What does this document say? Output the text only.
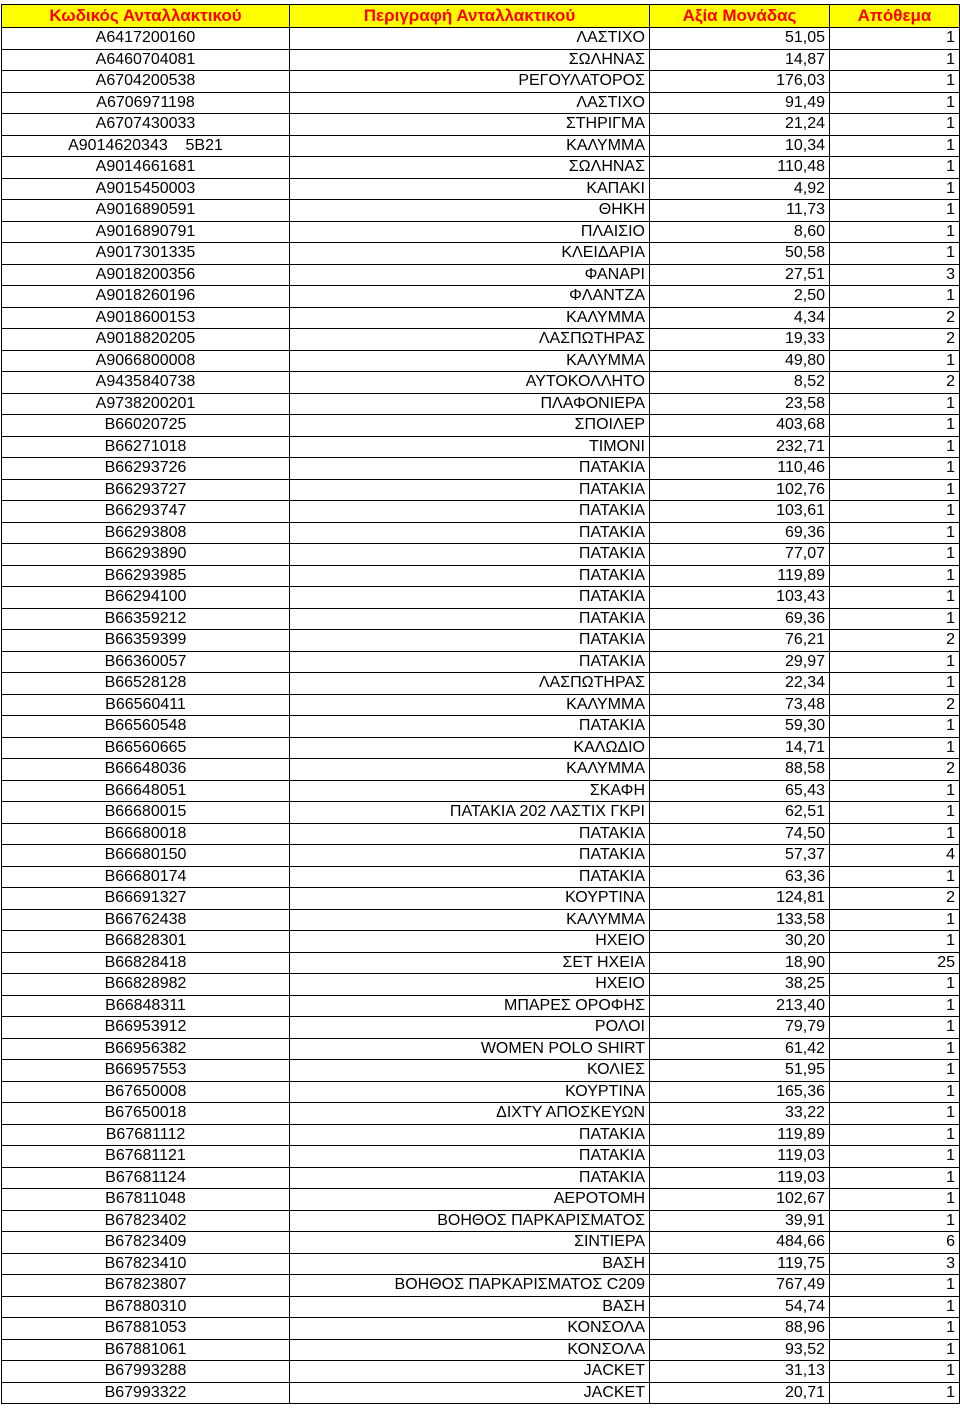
Κωδικός Ανταλλακτικού	Περιγραφή Ανταλλακτικού	Αξία Μονάδας	Απόθεμα
A6417200160	ΛΑΣΤΙΧΟ	51,05	1
A6460704081	ΣΩΛΗΝΑΣ	14,87	1
A6704200538	ΡΕΓΟΥΛΑΤΟΡΟΣ	176,03	1
A6706971198	ΛΑΣΤΙΧΟ	91,49	1
A6707430033	ΣΤΗΡΙΓΜΑ	21,24	1
A9014620343    5B21	ΚΑΛΥΜΜΑ	10,34	1
A9014661681	ΣΩΛΗΝΑΣ	110,48	1
A9015450003	ΚΑΠΑΚΙ	4,92	1
A9016890591	ΘΗΚΗ	11,73	1
A9016890791	ΠΛΑΙΣΙΟ	8,60	1
A9017301335	ΚΛΕΙΔΑΡΙΑ	50,58	1
A9018200356	ΦΑΝΑΡΙ	27,51	3
A9018260196	ΦΛΑΝΤΖΑ	2,50	1
A9018600153	ΚΑΛΥΜΜΑ	4,34	2
A9018820205	ΛΑΣΠΩΤΗΡΑΣ	19,33	2
A9066800008	ΚΑΛΥΜΜΑ	49,80	1
A9435840738	ΑΥΤΟΚΟΛΛΗΤΟ	8,52	2
A9738200201	ΠΛΑΦΟΝΙΕΡΑ	23,58	1
B66020725	ΣΠΟΙΛΕΡ	403,68	1
B66271018	ΤΙΜΟΝΙ	232,71	1
B66293726	ΠΑΤΑΚΙΑ	110,46	1
B66293727	ΠΑΤΑΚΙΑ	102,76	1
B66293747	ΠΑΤΑΚΙΑ	103,61	1
B66293808	ΠΑΤΑΚΙΑ	69,36	1
B66293890	ΠΑΤΑΚΙΑ	77,07	1
B66293985	ΠΑΤΑΚΙΑ	119,89	1
B66294100	ΠΑΤΑΚΙΑ	103,43	1
B66359212	ΠΑΤΑΚΙΑ	69,36	1
B66359399	ΠΑΤΑΚΙΑ	76,21	2
B66360057	ΠΑΤΑΚΙΑ	29,97	1
B66528128	ΛΑΣΠΩΤΗΡΑΣ	22,34	1
B66560411	ΚΑΛΥΜΜΑ	73,48	2
B66560548	ΠΑΤΑΚΙΑ	59,30	1
B66560665	ΚΑΛΩΔΙΟ	14,71	1
B66648036	ΚΑΛΥΜΜΑ	88,58	2
B66648051	ΣΚΑΦΗ	65,43	1
B66680015	ΠΑΤΑΚΙΑ 202 ΛΑΣΤΙΧ ΓΚΡΙ	62,51	1
B66680018	ΠΑΤΑΚΙΑ	74,50	1
B66680150	ΠΑΤΑΚΙΑ	57,37	4
B66680174	ΠΑΤΑΚΙΑ	63,36	1
B66691327	ΚΟΥΡΤΙΝΑ	124,81	2
B66762438	ΚΑΛΥΜΜΑ	133,58	1
B66828301	ΗΧΕΙΟ	30,20	1
B66828418	ΣΕΤ ΗΧΕΙΑ	18,90	25
B66828982	ΗΧΕΙΟ	38,25	1
B66848311	ΜΠΑΡΕΣ ΟΡΟΦΗΣ	213,40	1
B66953912	ΡΟΛΟΙ	79,79	1
B66956382	WOMEN POLO SHIRT	61,42	1
B66957553	ΚΟΛΙΕΣ	51,95	1
B67650008	ΚΟΥΡΤΙΝΑ	165,36	1
B67650018	ΔΙΧΤΥ ΑΠΟΣΚΕΥΩΝ	33,22	1
B67681112	ΠΑΤΑΚΙΑ	119,89	1
B67681121	ΠΑΤΑΚΙΑ	119,03	1
B67681124	ΠΑΤΑΚΙΑ	119,03	1
B67811048	ΑΕΡΟΤΟΜΗ	102,67	1
B67823402	ΒΟΗΘΟΣ ΠΑΡΚΑΡΙΣΜΑΤΟΣ	39,91	1
B67823409	ΣΙΝΤΙΕΡΑ	484,66	6
B67823410	ΒΑΣΗ	119,75	3
B67823807	ΒΟΗΘΟΣ ΠΑΡΚΑΡΙΣΜΑΤΟΣ C209	767,49	1
B67880310	ΒΑΣΗ	54,74	1
B67881053	ΚΟΝΣΟΛΑ	88,96	1
B67881061	ΚΟΝΣΟΛΑ	93,52	1
B67993288	JACKET	31,13	1
B67993322	JACKET	20,71	1
